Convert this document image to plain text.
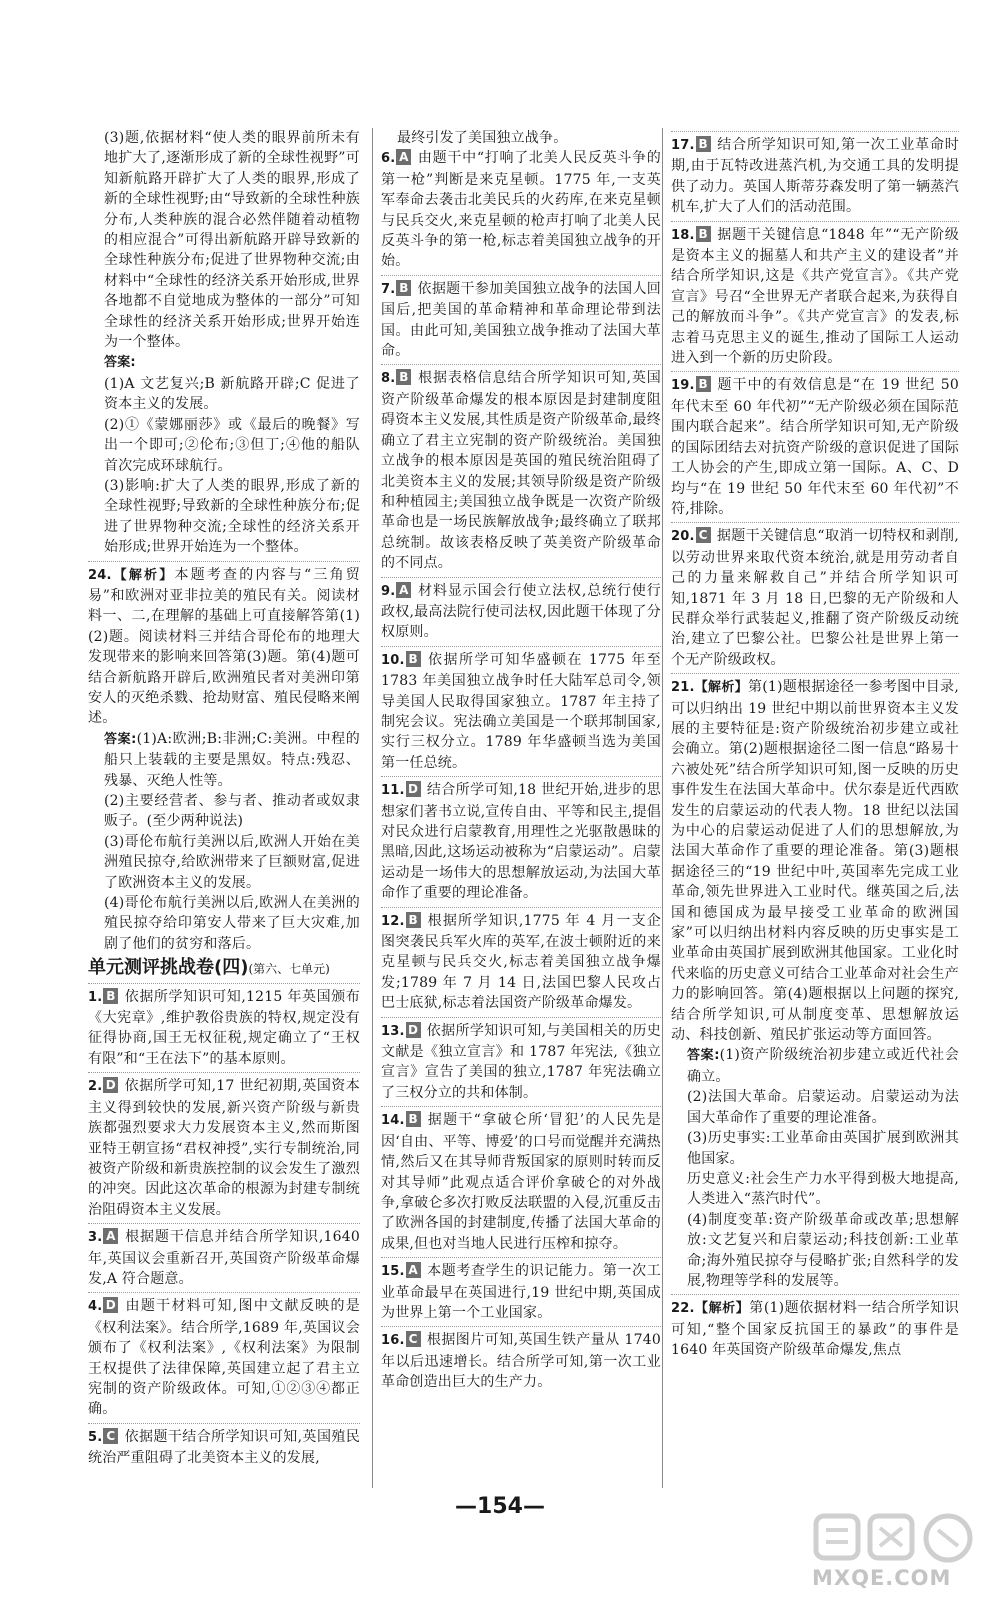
(3)题,依据材料“使人类的眼界前所未有地扩大了,逐渐形成了新的全球性视野”可知新航路开辟扩大了人类的眼界,形成了新的全球性视野;由“导致新的全球性种族分布,人类种族的混合必然伴随着动植物的相应混合”可得出新航路开辟导致新的全球性种族分布;促进了世界物种交流;由材料中“全球性的经济关系开始形成,世界各地都不自觉地成为整体的一部分”可知全球性的经济关系开始形成;世界开始连为一个整体。

答案:

(1)A 文艺复兴;B 新航路开辟;C 促进了资本主义的发展。

(2)①《蒙娜丽莎》或《最后的晚餐》写出一个即可;②伦布;③但丁;④他的船队首次完成环球航行。

(3)影响:扩大了人类的眼界,形成了新的全球性视野;导致新的全球性种族分布;促进了世界物种交流;全球性的经济关系开始形成;世界开始连为一个整体。

24.【解析】本题考查的内容与“三角贸易”和欧洲对亚非拉美的殖民有关。阅读材料一、二,在理解的基础上可直接解答第(1)(2)题。阅读材料三并结合哥伦布的地理大发现带来的影响来回答第(3)题。第(4)题可结合新航路开辟后,欧洲殖民者对美洲印第安人的灭绝杀戮、抢劫财富、殖民侵略来阐述。

答案:(1)A:欧洲;B:非洲;C:美洲。中程的船只上装载的主要是黑奴。特点:残忍、残暴、灭绝人性等。

(2)主要经营者、参与者、推动者或奴隶贩子。(至少两种说法)

(3)哥伦布航行美洲以后,欧洲人开始在美洲殖民掠夺,给欧洲带来了巨额财富,促进了欧洲资本主义的发展。

(4)哥伦布航行美洲以后,欧洲人在美洲的殖民掠夺给印第安人带来了巨大灾难,加剧了他们的贫穷和落后。

单元测评挑战卷(四)(第六、七单元)

1. B 依据所学知识可知,1215 年英国颁布《大宪章》,维护教俗贵族的特权,规定没有征得协商,国王无权征税,规定确立了“王权有限”和“王在法下”的基本原则。

2. D 依据所学可知,17 世纪初期,英国资本主义得到较快的发展,新兴资产阶级与新贵族都强烈要求大力发展资本主义,然而斯图亚特王朝宣扬“君权神授”,实行专制统治,同被资产阶级和新贵族控制的议会发生了激烈的冲突。因此这次革命的根源为封建专制统治阻碍资本主义发展。

3. A 根据题干信息并结合所学知识,1640 年,英国议会重新召开,英国资产阶级革命爆发,A 符合题意。

4. D 由题干材料可知,图中文献反映的是《权利法案》。结合所学,1689 年,英国议会颁布了《权利法案》,《权利法案》为限制王权提供了法律保障,英国建立起了君主立宪制的资产阶级政体。可知,①②③④都正确。

5. C 依据题干结合所学知识可知,英国殖民统治严重阻碍了北美资本主义的发展,

最终引发了美国独立战争。

6. A 由题干中“打响了北美人民反英斗争的第一枪”判断是来克星顿。1775 年,一支英军奉命去袭击北美民兵的火药库,在来克星顿与民兵交火,来克星顿的枪声打响了北美人民反英斗争的第一枪,标志着美国独立战争的开始。

7. B 依据题干参加美国独立战争的法国人回国后,把美国的革命精神和革命理论带到法国。由此可知,美国独立战争推动了法国大革命。

8. B 根据表格信息结合所学知识可知,英国资产阶级革命爆发的根本原因是封建制度阻碍资本主义发展,其性质是资产阶级革命,最终确立了君主立宪制的资产阶级统治。美国独立战争的根本原因是英国的殖民统治阻碍了北美资本主义的发展;其领导阶级是资产阶级和种植园主;美国独立战争既是一次资产阶级革命也是一场民族解放战争;最终确立了联邦总统制。故该表格反映了英美资产阶级革命的不同点。

9. A 材料显示国会行使立法权,总统行使行政权,最高法院行使司法权,因此题干体现了分权原则。

10. B 依据所学可知华盛顿在 1775 年至 1783 年美国独立战争时任大陆军总司令,领导美国人民取得国家独立。1787 年主持了制宪会议。宪法确立美国是一个联邦制国家,实行三权分立。1789 年华盛顿当选为美国第一任总统。

11. D 结合所学可知,18 世纪开始,进步的思想家们著书立说,宣传自由、平等和民主,提倡对民众进行启蒙教育,用理性之光驱散愚昧的黑暗,因此,这场运动被称为“启蒙运动”。启蒙运动是一场伟大的思想解放运动,为法国大革命作了重要的理论准备。

12. B 根据所学知识,1775 年 4 月一支企图突袭民兵军火库的英军,在波士顿附近的来克星顿与民兵交火,标志着美国独立战争爆发;1789 年 7 月 14 日,法国巴黎人民攻占巴士底狱,标志着法国资产阶级革命爆发。

13. D 依据所学知识可知,与美国相关的历史文献是《独立宣言》和 1787 年宪法,《独立宣言》宣告了美国的独立,1787 年宪法确立了三权分立的共和体制。

14. B 据题干“拿破仑所‘冒犯’的人民先是因‘自由、平等、博爱’的口号而觉醒并充满热情,然后又在其导师背叛国家的原则时转而反对其导师”此观点适合评价拿破仑的对外战争,拿破仑多次打败反法联盟的入侵,沉重反击了欧洲各国的封建制度,传播了法国大革命的成果,但也对当地人民进行压榨和掠夺。

15. A 本题考查学生的识记能力。第一次工业革命最早在英国进行,19 世纪中期,英国成为世界上第一个工业国家。

16. C 根据图片可知,英国生铁产量从 1740 年以后迅速增长。结合所学可知,第一次工业革命创造出巨大的生产力。

17. B 结合所学知识可知,第一次工业革命时期,由于瓦特改进蒸汽机,为交通工具的发明提供了动力。英国人斯蒂芬森发明了第一辆蒸汽机车,扩大了人们的活动范围。

18. B 据题干关键信息“1848 年”“无产阶级是资本主义的掘墓人和共产主义的建设者”并结合所学知识,这是《共产党宣言》。《共产党宣言》号召“全世界无产者联合起来,为获得自己的解放而斗争”。《共产党宣言》的发表,标志着马克思主义的诞生,推动了国际工人运动进入到一个新的历史阶段。

19. B 题干中的有效信息是“在 19 世纪 50 年代末至 60 年代初”“无产阶级必须在国际范围内联合起来”。结合所学知识可知,无产阶级的国际团结去对抗资产阶级的意识促进了国际工人协会的产生,即成立第一国际。A、C、D 均与“在 19 世纪 50 年代末至 60 年代初”不符,排除。

20. C 据题干关键信息“取消一切特权和剥削,以劳动世界来取代资本统治,就是用劳动者自己的力量来解救自己”并结合所学知识可知,1871 年 3 月 18 日,巴黎的无产阶级和人民群众举行武装起义,推翻了资产阶级反动统治,建立了巴黎公社。巴黎公社是世界上第一个无产阶级政权。

21.【解析】第(1)题根据途径一参考图中目录,可以归纳出 19 世纪中期以前世界资本主义发展的主要特征是:资产阶级统治初步建立或社会确立。第(2)题根据途径二图一信息“路易十六被处死”结合所学知识可知,图一反映的历史事件发生在法国大革命中。伏尔泰是近代西欧发生的启蒙运动的代表人物。18 世纪以法国为中心的启蒙运动促进了人们的思想解放,为法国大革命作了重要的理论准备。第(3)题根据途径三的“19 世纪中叶,英国率先完成工业革命,领先世界进入工业时代。继英国之后,法国和德国成为最早接受工业革命的欧洲国家”可以归纳出材料内容反映的历史事实是工业革命由英国扩展到欧洲其他国家。工业化时代来临的历史意义可结合工业革命对社会生产力的影响回答。第(4)题根据以上问题的探究,结合所学知识,可从制度变革、思想解放运动、科技创新、殖民扩张运动等方面回答。

答案:(1)资产阶级统治初步建立或近代社会确立。

(2)法国大革命。启蒙运动。启蒙运动为法国大革命作了重要的理论准备。

(3)历史事实:工业革命由英国扩展到欧洲其他国家。

历史意义:社会生产力水平得到极大地提高,人类进入“蒸汽时代”。

(4)制度变革:资产阶级革命或改革;思想解放:文艺复兴和启蒙运动;科技创新:工业革命;海外殖民掠夺与侵略扩张;自然科学的发展,物理等学科的发展等。

22.【解析】第(1)题依据材料一结合所学知识可知,“整个国家反抗国王的暴政”的事件是 1640 年英国资产阶级革命爆发,焦点

—154—
MXQE.COM
